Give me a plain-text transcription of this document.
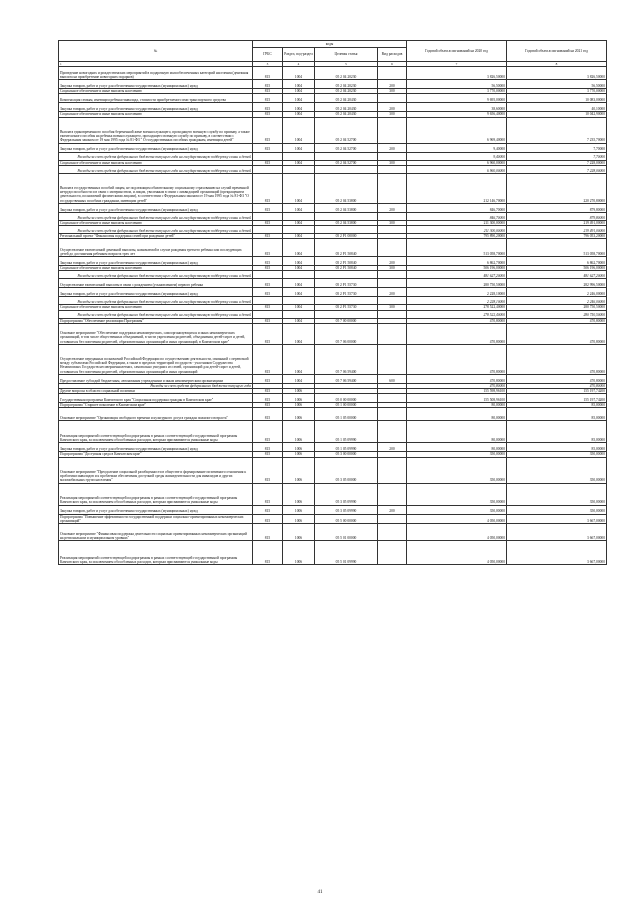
№	коды				Годовой объем ассигнований на 2020 год	Годовой объем ассигнований на 2021 год
	ГРБС	Раздел, под-раздел	Целевая статья	Вид расходов		
1	3	4	5	6	7	8
Проведение новогодних и рождественских мероприятий в подарочную малообеспеченных категорий населения (денежная выплата на приобретение новогодних подарков)	815	1004	05 2 04 20230		3 826,50000	3 826,50000
Закупка товаров, работ и услуг для обеспечения государственных (муниципальных) нужд	815	1004	05 2 04 20230	200	56,50000	56,50000
Социальное обеспечение и иные выплаты населению	815	1004	05 2 04 20230	300	3 770,00000	3 770,00000
Компенсация семьям, имеющим ребенка-инвалида, стоимости приобретаемого ими транспортного средства	815	1004	05 2 04 20430		9 695,00000	10 083,00000
Закупка товаров, работ и услуг для обеспечения государственных (муниципальных) нужд	815	1004	05 2 04 20430	200	38,60000	40,10000
Социальное обеспечение и иные выплаты населению	815	1004	05 2 04 20430	300	9 656,40000	10 042,90000
Выплата единовременного пособия беременной жене военнослужащего, проходящего военную службу по призыву, а также ежемесячного пособия на ребенка военнослужащего, проходящего военную службу по призыву, в соответствии с Федеральным законом от 19 мая 1995 года № 81-ФЗ " О государственных пособиях гражданам, имеющим детей"	815	1004	05 2 04 52700		6 969,40000	7 235,70000
Закупка товаров, работ и услуг для обеспечения государственных (муниципальных) нужд	815	1004	05 2 04 52700	200	9,40000	7,70000
Расходы за счет средств федерального бюджета текущего года на государственную поддержку семьи и детей					9,40000	7,70000
Социальное обеспечение и иные выплаты населению	815	1004	05 2 04 52700	300	6 960,00000	7 228,00000
Расходы за счет средств федерального бюджета текущего года на государственную поддержку семьи и детей					6 960,00000	7 228,00000
Выплата государственных пособий лицам, не подлежащим обязательному социальному страхованию на случай временной нетрудоспособности и в связи с материнством, и лицам, уволенным в связи с ликвидацией организаций (прекращением деятельности, полномочий физическими лицами), в соответствии с Федеральным законом от 19 мая 1995 года № 81-ФЗ "О государственных пособиях гражданам, имеющим детей"	815	1004	05 2 04 53800		212 146,70000	220 270,80000
Закупка товаров, работ и услуг для обеспечения государственных (муниципальных) нужд	815	1004	05 2 04 53800	200	846,70000	879,80000
Расходы за счет средств федерального бюджета текущего года на государственную поддержку семьи и детей					846,70000	879,80000
Социальное обеспечение и иные выплаты населению	815	1004	05 2 04 53800	300	211 300,00000	219 491,00000
Расходы за счет средств федерального бюджета текущего года на государственную поддержку семьи и детей					211 300,00000	219 491,00000
Региональный проект "Финансовая поддержка семей при рождении детей"	815	1004	05 2 P1 00000		795 890,20000	796 053,20000
Осуществление ежемесячной денежной выплаты, назначаемой в случае рождения третьего ребенка или последующих детей до достижения ребенком возраста трех лет	815	1004	05 2 P1 50840		513 058,70000	513 058,70000
Закупка товаров, работ и услуг для обеспечения государственных (муниципальных) нужд	815	1004	05 2 P1 50840	200	6 862,70000	6 862,70000
Социальное обеспечение и иные выплаты населению	815	1004	05 2 P1 50840	300	506 196,00000	506 196,00000
Расходы за счет средств федерального бюджета текущего года на государственную поддержку семьи и детей					481 627,20000	481 627,20000
Осуществление ежемесячной выплаты в связи с рождением (усыновлением) первого ребенка	815	1004	05 2 P1 55730		280 750,50000	282 996,50000
Закупка товаров, работ и услуг для обеспечения государственных (муниципальных) нужд	815	1004	05 2 P1 55730	200	2 228,10000	2 246,00000
Расходы за счет средств федерального бюджета текущего года на государственную поддержку семьи и детей					2 228,10000	2 246,00000
Социальное обеспечение и иные выплаты населению	815	1004	05 2 P1 55730	300	278 522,40000	280 750,50000
Расходы за счет средств федерального бюджета текущего года на государственную поддержку семьи и детей					278 522,40000	280 750,50000
Подпрограмма "Обеспечение реализации Программы"	815	1004	05 7 00 00000		470,80000	470,80000
Основное мероприятие "Обеспечение поддержки некоммерческих, самоорганизующихся и иных некоммерческих организаций, в том числе общественных объединений, в части укрепления родителей, объединения детей-сирот и детей, оставшихся без попечения родителей, образовательных организаций и иных организаций, в Камчатском крае"	815	1004	05 7 06 00000		470,80000	470,80000
Осуществление переданных полномочий Российской Федерации по осуществлению деятельности, связанной с перевозкой между субъектами Российской Федерации, а также в пределах территорий государств - участников Содружества Независимых Государств несовершеннолетних, самовольно ушедших из семей, организаций для детей-сирот и детей, оставшихся без попечения родителей, образовательных организаций и иных организаций	815	1004	05 7 06 59400		470,80000	470,80000
Предоставление субсидий бюджетным, автономным учреждениям и иным некоммерческим организациям	815	1004	05 7 06 59400	600	470,80000	470,80000
Расходы за счет средств федерального бюджета текущего года					470,80000	470,80000
Другие вопросы в области социальной политики	815	1006			155 598,96100	155 197,74200
Государственная программа Камчатского края "Социальная поддержка граждан в Камчатском крае"	815	1006	05 0 00 00000		155 508,96100	155 197,74200
Подпрограмма "Старшее поколение в Камчатском крае"	815	1006	05 1 00 00000		80,00000	85,00000
Основное мероприятие "Организация свободного времени и культурного досуга граждан пожилого возраста"	815	1006	05 1 05 00000		80,00000	85,00000
Реализация мероприятий соответствующей подпрограммы в рамках соответствующей государственной программы Камчатского края, за исключением обособленных расходов, которым присваиваются уникальные коды	815	1006	05 1 05 09990		80,00000	85,00000
Закупка товаров, работ и услуг для обеспечения государственных (муниципальных) нужд	815	1006	05 1 05 09990	200	80,00000	85,00000
Подпрограмма "Доступная среда в Камчатском крае"	815	1006	05 3 00 00000		350,00000	350,00000
Основное мероприятие "Преодоление социальной разобщенности в обществе и формирование позитивного отношения к проблемам инвалидов и к проблемам обеспечения доступной среды жизнедеятельности для инвалидов и других маломобильных групп населения"	815	1006	05 3 05 00000		350,00000	350,00000
Реализация мероприятий соответствующей подпрограммы в рамках соответствующей государственной программы Камчатского края, за исключением обособленных расходов, которым присваиваются уникальные коды	815	1006	05 3 05 09990		350,00000	350,00000
Закупка товаров, работ и услуг для обеспечения государственных (муниципальных) нужд	815	1006	05 3 05 09990	200	350,00000	350,00000
Подпрограмма "Повышение эффективности государственной поддержки социально-ориентированных некоммерческих организаций"	815	1006	05 5 00 00000		4 050,00000	3 667,00000
Основное мероприятие "Финансовая поддержка деятельности социально ориентированных некоммерческих организаций на региональном и муниципальном уровнях"	815	1006	05 5 01 00000		4 050,00000	3 667,00000
Реализация мероприятий соответствующей подпрограммы в рамках соответствующей государственной программы Камчатского края, за исключением обособленных расходов, которым присваиваются уникальные коды	815	1006	05 5 01 09990		4 050,00000	3 667,00000
41
